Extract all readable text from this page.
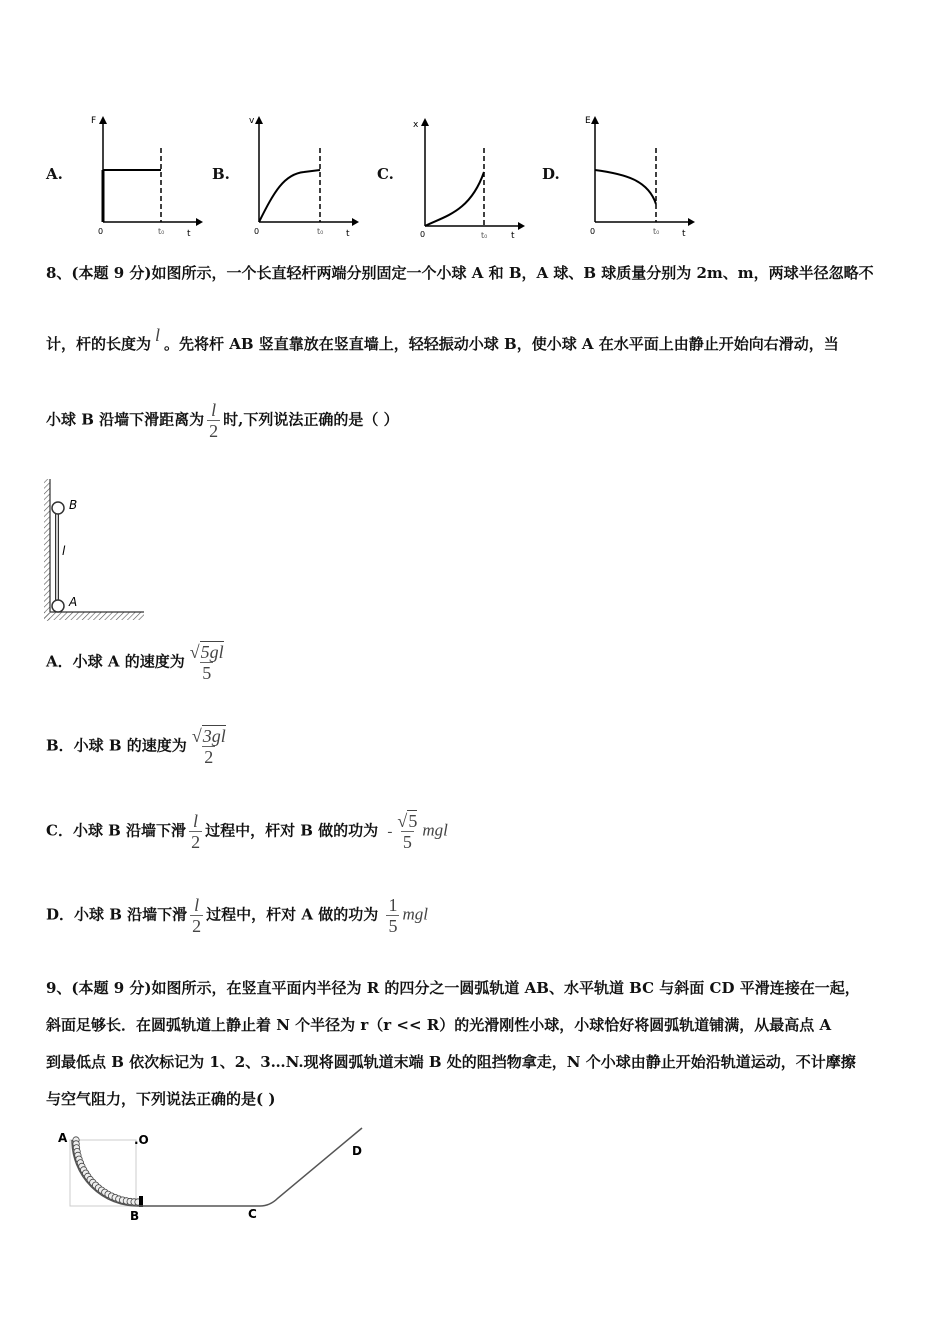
A.
F
0	t₀	t
B.
v
0	t₀	t
C.
x
0	t₀	t
D.
E
0	t₀	t
8、(本题 9 分)如图所示，一个长直轻杆两端分别固定一个小球 A 和 B，A 球、B 球质量分别为 2m、m，两球半径忽略不
计，杆的长度为 l 。先将杆 AB 竖直靠放在竖直墙上，轻轻振动小球 B，使小球 A 在水平面上由静止开始向右滑动，当
小球 B 沿墙下滑距离为 $\frac{l}{2}$ 时,下列说法正确的是（ ）
B
A
l
A．小球 A 的速度为 $\frac{√5gl}{5}$
B．小球 B 的速度为 $\frac{√3gl}{2}$
C．小球 B 沿墙下滑 $\frac{l}{2}$ 过程中，杆对 B 做的功为 - $\frac{√5}{5}$ mgl
D．小球 B 沿墙下滑 $\frac{l}{2}$ 过程中，杆对 A 做的功为 $\frac{1}{5}$ mgl
9、(本题 9 分)如图所示，在竖直平面内半径为 R 的四分之一圆弧轨道 AB、水平轨道 BC 与斜面 CD 平滑连接在一起，
斜面足够长．在圆弧轨道上静止着 N 个半径为 r（r << R）的光滑刚性小球，小球恰好将圆弧轨道铺满，从最高点 A
到最低点 B 依次标记为 1、2、3…N.现将圆弧轨道末端 B 处的阻挡物拿走，N 个小球由静止开始沿轨道运动，不计摩擦
与空气阻力，下列说法正确的是( )
A	.O
B	C
D
